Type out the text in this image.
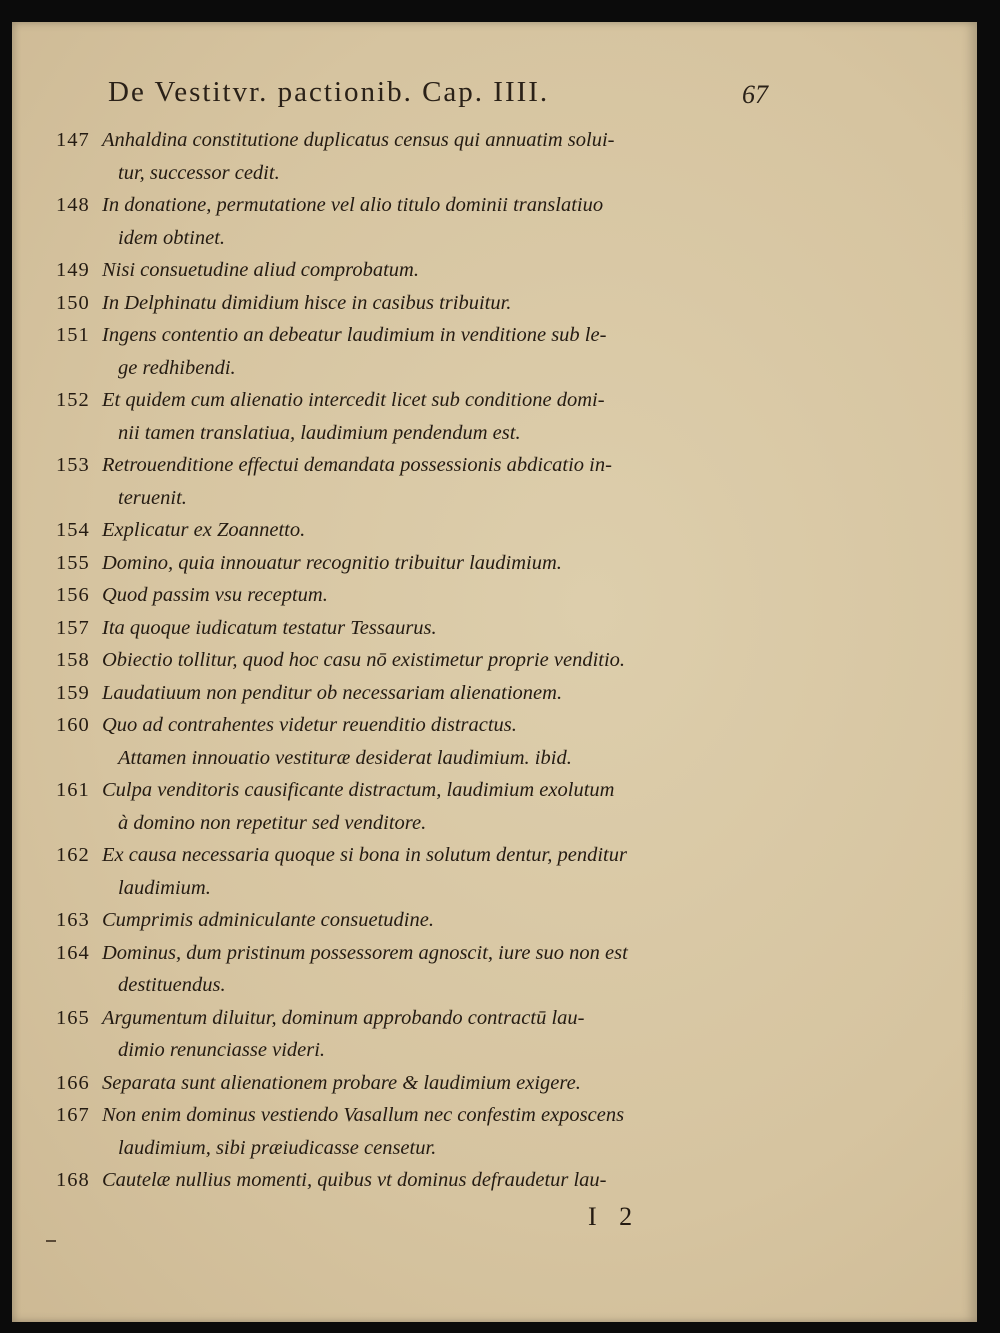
De Vestitvr. pactionib. Cap. IIII.	67
147 Anhaldina constitutione duplicatus census qui annuatim solui-
tur, successor cedit.
148 In donatione, permutatione vel alio titulo dominii translatiuo
idem obtinet.
149 Nisi consuetudine aliud comprobatum.
150 In Delphinatu dimidium hisce in casibus tribuitur.
151 Ingens contentio an debeatur laudimium in venditione sub le-
ge redhibendi.
152 Et quidem cum alienatio intercedit licet sub conditione domi-
nii tamen translatiua, laudimium pendendum est.
153 Retrouenditione effectui demandata possessionis abdicatio in-
teruenit.
154 Explicatur ex Zoannetto.
155 Domino, quia innouatur recognitio tribuitur laudimium.
156 Quod passim vsu receptum.
157 Ita quoque iudicatum testatur Tessaurus.
158 Obiectio tollitur, quod hoc casu nō existimetur proprie venditio.
159 Laudatiuum non penditur ob necessariam alienationem.
160 Quo ad contrahentes videtur reuenditio distractus.
Attamen innouatio vestituræ desiderat laudimium. ibid.
161 Culpa venditoris causificante distractum, laudimium exolutum
à domino non repetitur sed venditore.
162 Ex causa necessaria quoque si bona in solutum dentur, penditur
laudimium.
163 Cumprimis adminiculante consuetudine.
164 Dominus, dum pristinum possessorem agnoscit, iure suo non est
destituendus.
165 Argumentum diluitur, dominum approbando contractū lau-
dimio renunciasse videri.
166 Separata sunt alienationem probare & laudimium exigere.
167 Non enim dominus vestiendo Vasallum nec confestim exposcens
laudimium, sibi præiudicasse censetur.
168 Cautelæ nullius momenti, quibus vt dominus defraudetur lau-
I 2
